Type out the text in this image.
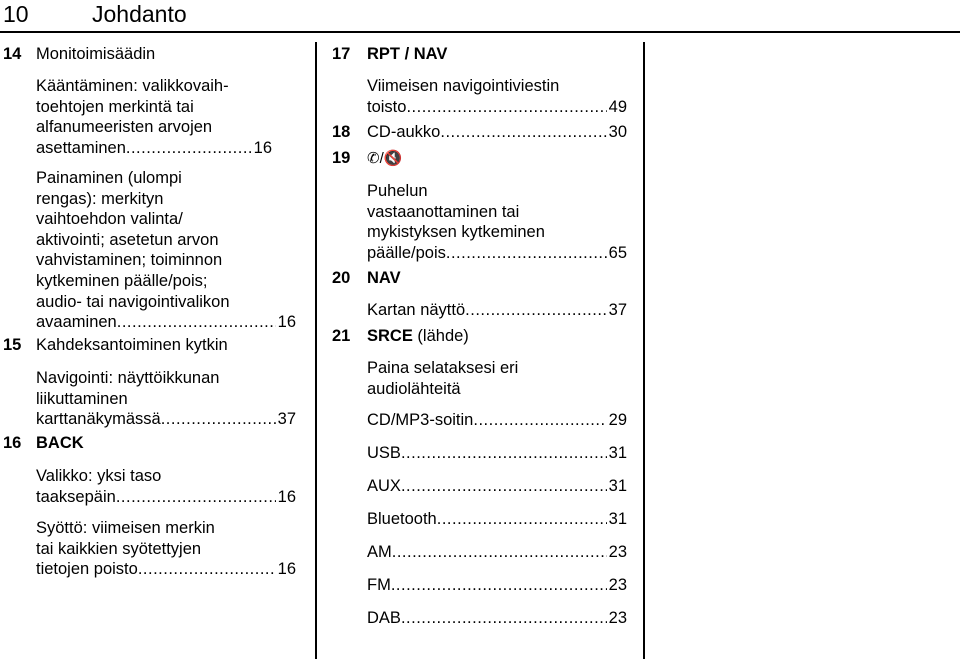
10	Johdanto
14 Monitoimisäädin
Kääntäminen: valikkovaih-
toehtojen merkintä tai
alfanumeeristen arvojen
asettaminen .....	16
Painaminen (ulompi
rengas): merkityn
vaihtoehdon valinta/
aktivointi; asetetun arvon
vahvistaminen; toiminnon
kytkeminen päälle/pois;
audio- tai navigointivalikon
avaaminen .....	16
15 Kahdeksantoiminen kytkin
Navigointi: näyttöikkunan
liikuttaminen
karttanäkymässä .....	37
16 BACK
Valikko: yksi taso
taaksepäin .....	16
Syöttö: viimeisen merkin
tai kaikkien syötettyjen
tietojen poisto .....	16
17 RPT / NAV
Viimeisen navigointiviestin
toisto .....	49
18 CD-aukko .....	30
19 ✆/🔇
Puhelun
vastaanottaminen tai
mykistyksen kytkeminen
päälle/pois .....	65
20 NAV
Kartan näyttö .....	37
21 SRCE (lähde)
Paina selataksesi eri
audiolähteitä
CD/MP3-soitin .....	29
USB .....	31
AUX .....	31
Bluetooth .....	31
AM .....	23
FM .....	23
DAB .....	23
